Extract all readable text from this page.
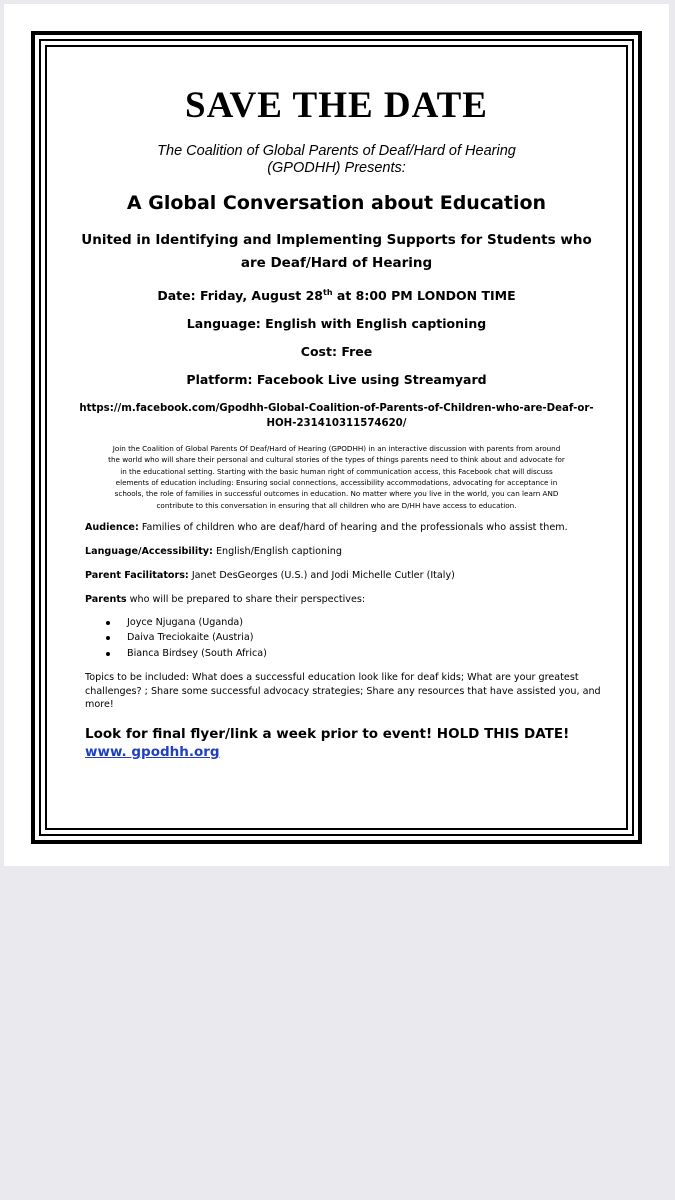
SAVE THE DATE
The Coalition of Global Parents of Deaf/Hard of Hearing
(GPODHH) Presents:
A Global Conversation about Education
United in Identifying and Implementing Supports for Students who
are Deaf/Hard of Hearing
Date: Friday, August 28th at 8:00 PM LONDON TIME
Language: English with English captioning
Cost: Free
Platform: Facebook Live using Streamyard
https://m.facebook.com/Gpodhh-Global-Coalition-of-Parents-of-Children-who-are-Deaf-or-
HOH-231410311574620/
Join the Coalition of Global Parents Of Deaf/Hard of Hearing (GPODHH) in an interactive discussion with parents from around
the world who will share their personal and cultural stories of the types of things parents need to think about and advocate for
in the educational setting. Starting with the basic human right of communication access, this Facebook chat will discuss
elements of education including: Ensuring social connections, accessibility accommodations, advocating for acceptance in
schools, the role of families in successful outcomes in education. No matter where you live in the world, you can learn AND
contribute to this conversation in ensuring that all children who are D/HH have access to education.
Audience: Families of children who are deaf/hard of hearing and the professionals who assist them.
Language/Accessibility: English/English captioning
Parent Facilitators: Janet DesGeorges (U.S.) and Jodi Michelle Cutler (Italy)
Parents who will be prepared to share their perspectives:
Joyce Njugana (Uganda)
Daiva Treciokaite (Austria)
Bianca Birdsey (South Africa)
Topics to be included: What does a successful education look like for deaf kids; What are your greatest challenges? ; Share some successful advocacy strategies; Share any resources that have assisted you, and more!
Look for final flyer/link a week prior to event! HOLD THIS DATE!
www. gpodhh.org
